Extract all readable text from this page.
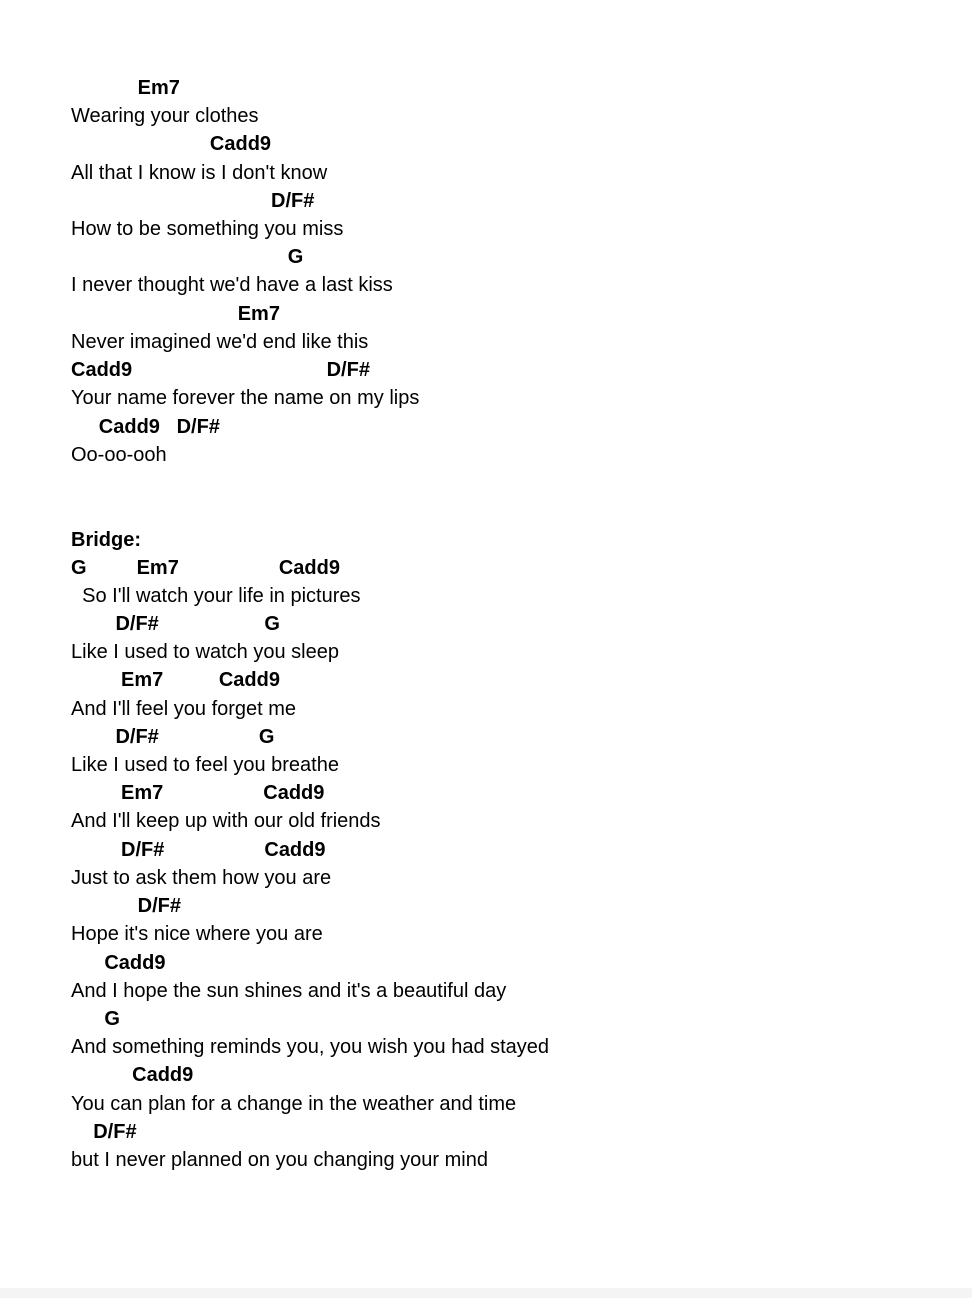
Em7
Wearing your clothes
Cadd9
All that I know is I don't know
D/F#
How to be something you miss
G
I never thought we'd have a last kiss
Em7
Never imagined we'd end like this
Cadd9                                   D/F#
Your name forever the name on my lips
Cadd9   D/F#
Oo-oo-ooh
Bridge:
G         Em7                  Cadd9
So I'll watch your life in pictures
D/F#                   G
Like I used to watch you sleep
Em7          Cadd9
And I'll feel you forget me
D/F#                  G
Like I used to feel you breathe
Em7                  Cadd9
And I'll keep up with our old friends
D/F#                  Cadd9
Just to ask them how you are
D/F#
Hope it's nice where you are
Cadd9
And I hope the sun shines and it's a beautiful day
G
And something reminds you, you wish you had stayed
Cadd9
You can plan for a change in the weather and time
D/F#
but I never planned on you changing your mind
